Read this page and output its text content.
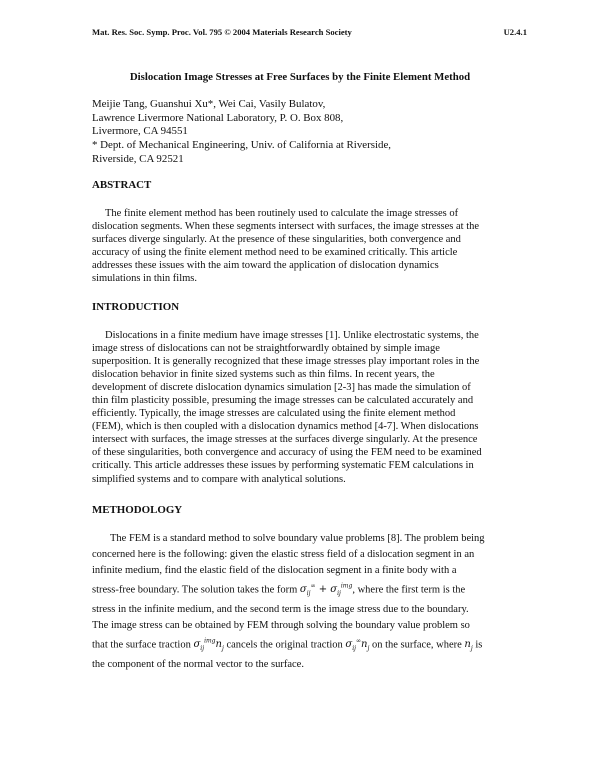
Mat. Res. Soc. Symp. Proc. Vol. 795 © 2004 Materials Research Society	U2.4.1
Dislocation Image Stresses at Free Surfaces by the Finite Element Method
Meijie Tang, Guanshui Xu*, Wei Cai, Vasily Bulatov,
Lawrence Livermore National Laboratory, P. O. Box 808,
Livermore, CA 94551
* Dept. of Mechanical Engineering, Univ. of California at Riverside,
Riverside, CA 92521
ABSTRACT
The finite element method has been routinely used to calculate the image stresses of
dislocation segments. When these segments intersect with surfaces, the image stresses at the
surfaces diverge singularly. At the presence of these singularities, both convergence and
accuracy of using the finite element method need to be examined critically. This article
addresses these issues with the aim toward the application of dislocation dynamics
simulations in thin films.
INTRODUCTION
Dislocations in a finite medium have image stresses [1]. Unlike electrostatic systems, the
image stress of dislocations can not be straightforwardly obtained by simple image
superposition. It is generally recognized that these image stresses play important roles in the
dislocation behavior in finite sized systems such as thin films. In recent years, the
development of discrete dislocation dynamics simulation [2-3] has made the simulation of
thin film plasticity possible, presuming the image stresses can be calculated accurately and
efficiently. Typically, the image stresses are calculated using the finite element method
(FEM), which is then coupled with a dislocation dynamics method [4-7]. When dislocations
intersect with surfaces, the image stresses at the surfaces diverge singularly. At the presence
of these singularities, both convergence and accuracy of using the FEM need to be examined
critically. This article addresses these issues by performing systematic FEM calculations in
simplified systems and to compare with analytical solutions.
METHODOLOGY
The FEM is a standard method to solve boundary value problems [8]. The problem being
concerned here is the following: given the elastic stress field of a dislocation segment in an
infinite medium, find the elastic field of the dislocation segment in a finite body with a
stress-free boundary. The solution takes the form $\sigma_{ij}^\infty + \sigma_{ij}^{img}$, where the first term is the
stress in the infinite medium, and the second term is the image stress due to the boundary.
The image stress can be obtained by FEM through solving the boundary value problem so
that the surface traction $\sigma_{ij}^{img}n_j$ cancels the original traction $\sigma_{ij}^\infty n_j$ on the surface, where $n_j$ is
the component of the normal vector to the surface.
